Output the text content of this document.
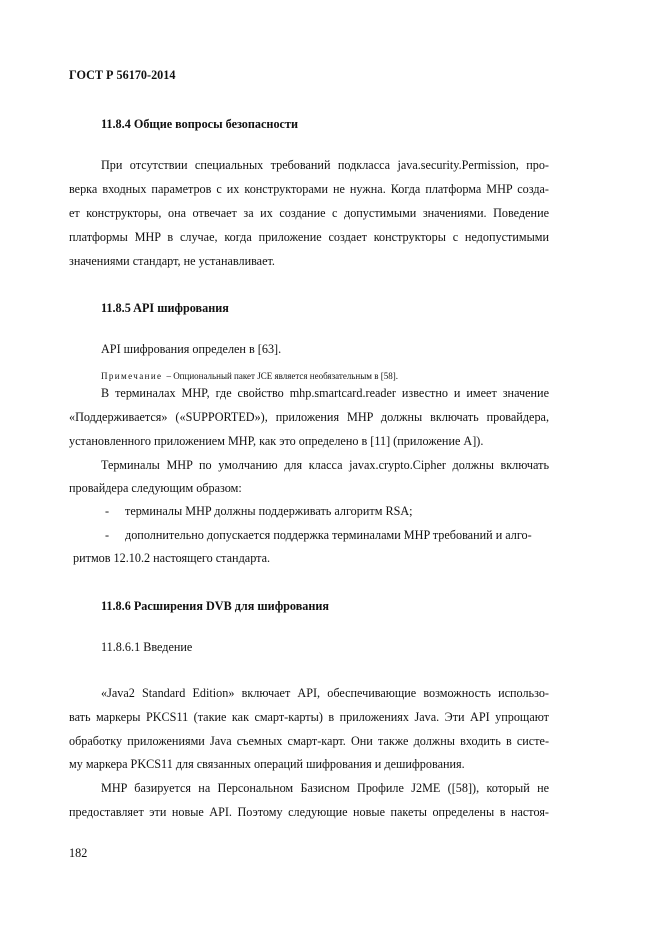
ГОСТ Р 56170-2014
11.8.4 Общие вопросы безопасности
При отсутствии специальных требований подкласса java.security.Permission, про-
верка входных параметров с их конструкторами не нужна. Когда платформа MHP созда-
ет конструкторы, она отвечает за их создание с допустимыми значениями. Поведение
платформы MHP в случае, когда приложение создает конструкторы с недопустимыми
значениями стандарт, не устанавливает.
11.8.5 API шифрования
API шифрования определен в [63].
Примечание – Опциональный пакет JCE является необязательным в [58].
В терминалах MHP, где свойство mhp.smartcard.reader известно и имеет значение
«Поддерживается» («SUPPORTED»), приложения MHP должны включать провайдера,
установленного приложением MHP, как это определено в [11] (приложение A]).
Терминалы MHP по умолчанию для класса javax.crypto.Cipher должны включать
провайдера следующим образом:
- терминалы MHP должны поддерживать алгоритм RSA;
- дополнительно допускается поддержка терминалами MHP требований и алго-
ритмов 12.10.2 настоящего стандарта.
11.8.6 Расширения DVB для шифрования
11.8.6.1 Введение
«Java2 Standard Edition» включает API, обеспечивающие возможность использо-
вать маркеры PKCS11 (такие как смарт-карты) в приложениях Java. Эти API упрощают
обработку приложениями Java съемных смарт-карт. Они также должны входить в систе-
му маркера PKCS11 для связанных операций шифрования и дешифрования.
MHP базируется на Персональном Базисном Профиле J2ME ([58]), который не
предоставляет эти новые API. Поэтому следующие новые пакеты определены в настоя-
182
